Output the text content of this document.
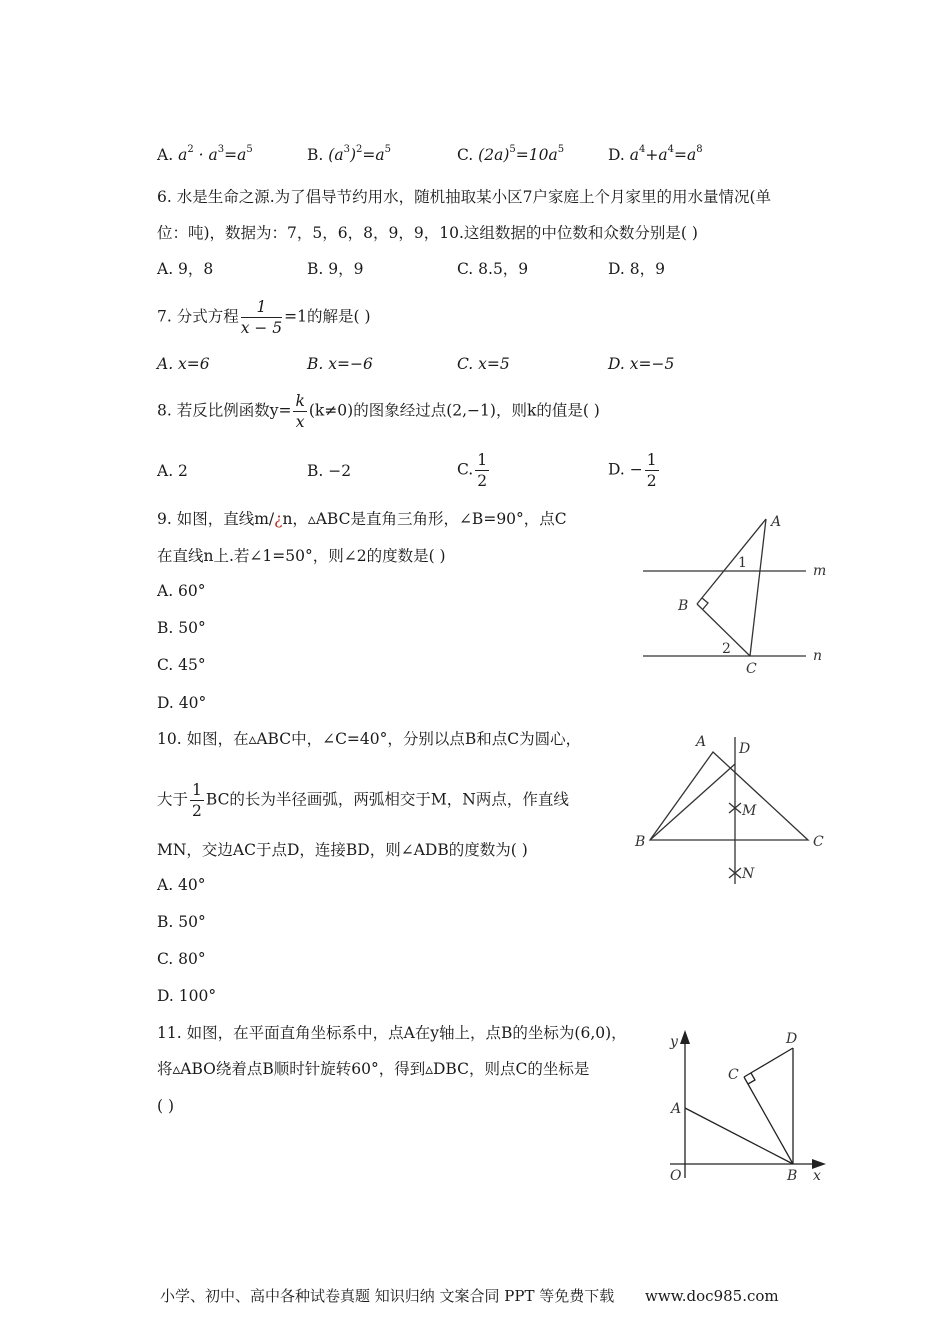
A. $a^2 \cdot a^3=a^5$	B. $(a^3)^2=a^5$	C. $(2a)^5=10a^5$	D. $a^4+a^4=a^8$
6. 水是生命之源.为了倡导节约用水，随机抽取某小区7户家庭上个月家里的用水量情况(单
位：吨)，数据为：7，5，6，8，9，9，10.这组数据的中位数和众数分别是( )
A. 9，8	B. 9，9	C. 8.5，9	D. 8，9
7. 分式方程 $\frac{1}{x - 5} =1$的解是( )
A. x=6	B. x=−6	C. x=5	D. x=−5
8. 若反比例函数$y= \frac{k}{x} (k\ne 0)$的图象经过点(2,−1)，则k的值是( )
A. 2	B. −2	C. $\frac{1}{2}$	D. − $\frac{1}{2}$
9. 如图，直线m/¿n，▵ABC是直角三角形，∠B=90°，点C
在直线n上.若∠1=50°，则∠2的度数是( )
A. 60°
B. 50°
C. 45°
D. 40°
10. 如图，在▵ABC中，∠C=40°，分别以点B和点C为圆心，
大于 $\frac{1}{2}$ BC的长为半径画弧，两弧相交于M，N两点，作直线
MN，交边AC于点D，连接BD，则∠ADB的度数为( )
A. 40°
B. 50°
C. 80°
D. 100°
11. 如图，在平面直角坐标系中，点A在y轴上，点B的坐标为(6,0)，
将▵ABO绕着点B顺时针旋转60°，得到▵DBC，则点C的坐标是
( )
A
B
C
m
n
1
2
A
B	C
D
M
N
y
x
O
A
B
C
D
小学、初中、高中各种试卷真题 知识归纳 文案合同 PPT 等免费下载 www.doc985.com
